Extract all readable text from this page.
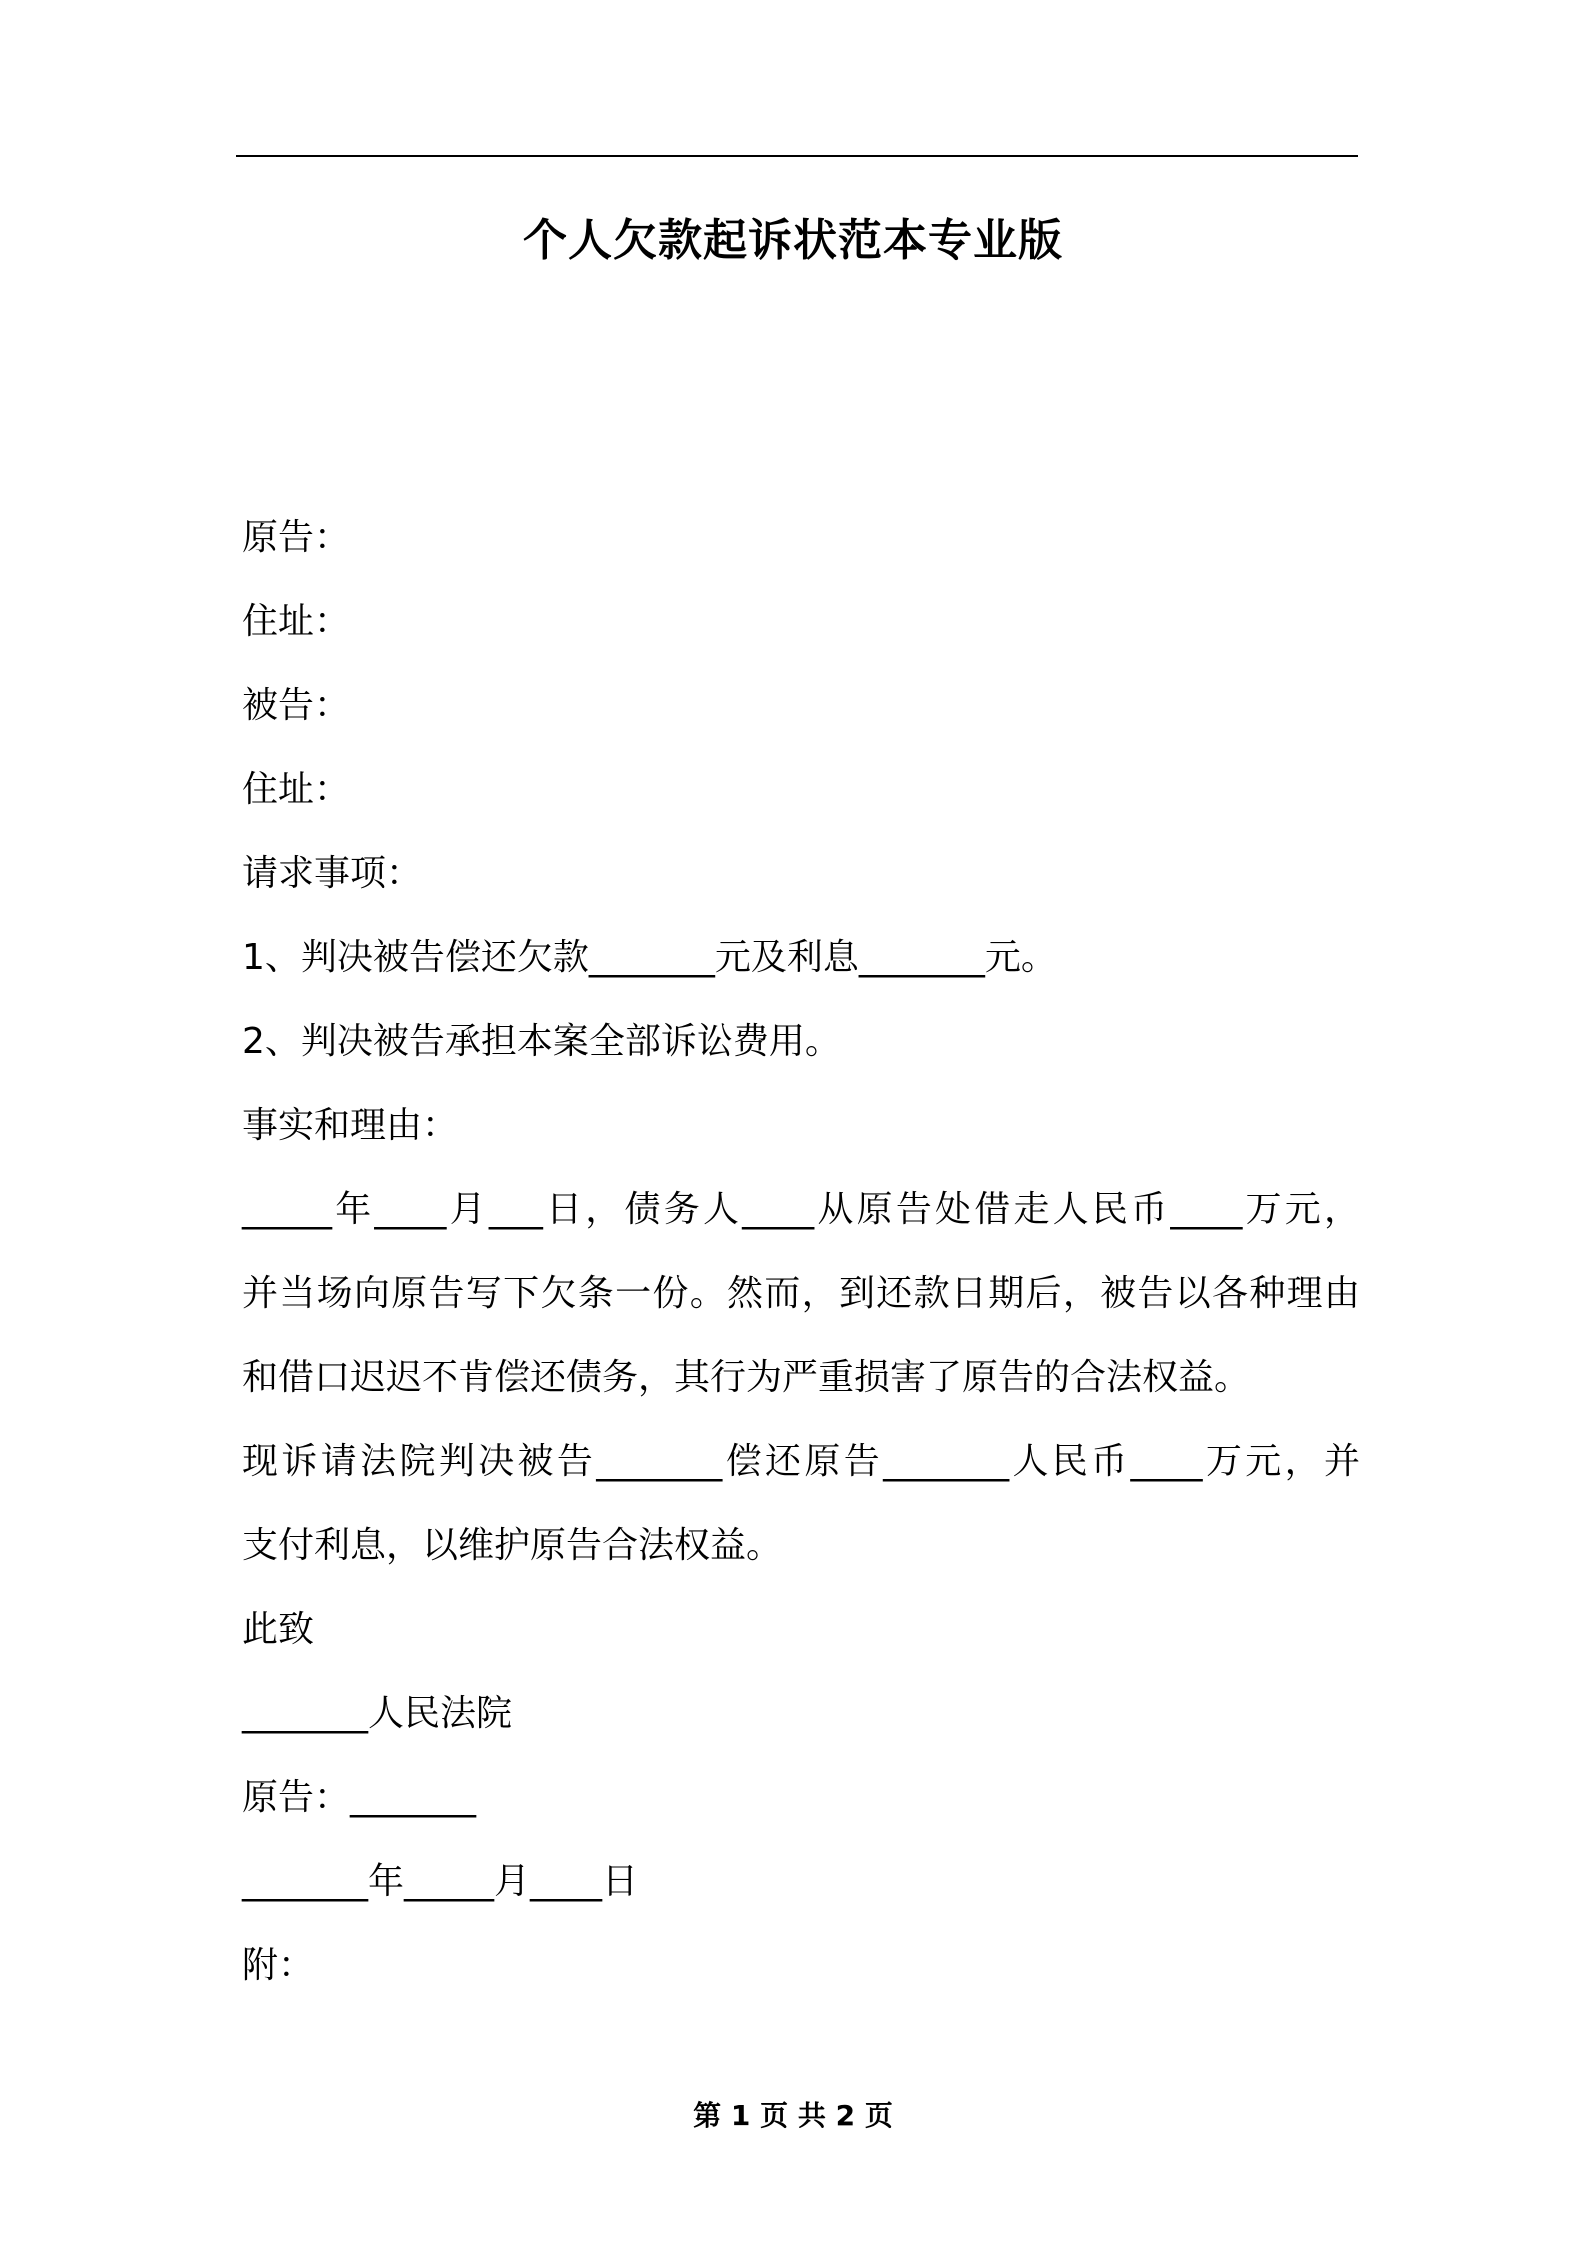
个人欠款起诉状范本专业版
原告：
住址：
被告：
住址：
请求事项：
1、判决被告偿还欠款_______元及利息_______元。
2、判决被告承担本案全部诉讼费用。
事实和理由：
_____年____月___日，债务人____从原告处借走人民币____万元，
并当场向原告写下欠条一份。然而，到还款日期后，被告以各种理由
和借口迟迟不肯偿还债务，其行为严重损害了原告的合法权益。
现诉请法院判决被告_______偿还原告_______人民币____万元，并
支付利息，以维护原告合法权益。
此致
_______人民法院
原告：_______
_______年_____月____日
附：
第 1 页 共 2 页
